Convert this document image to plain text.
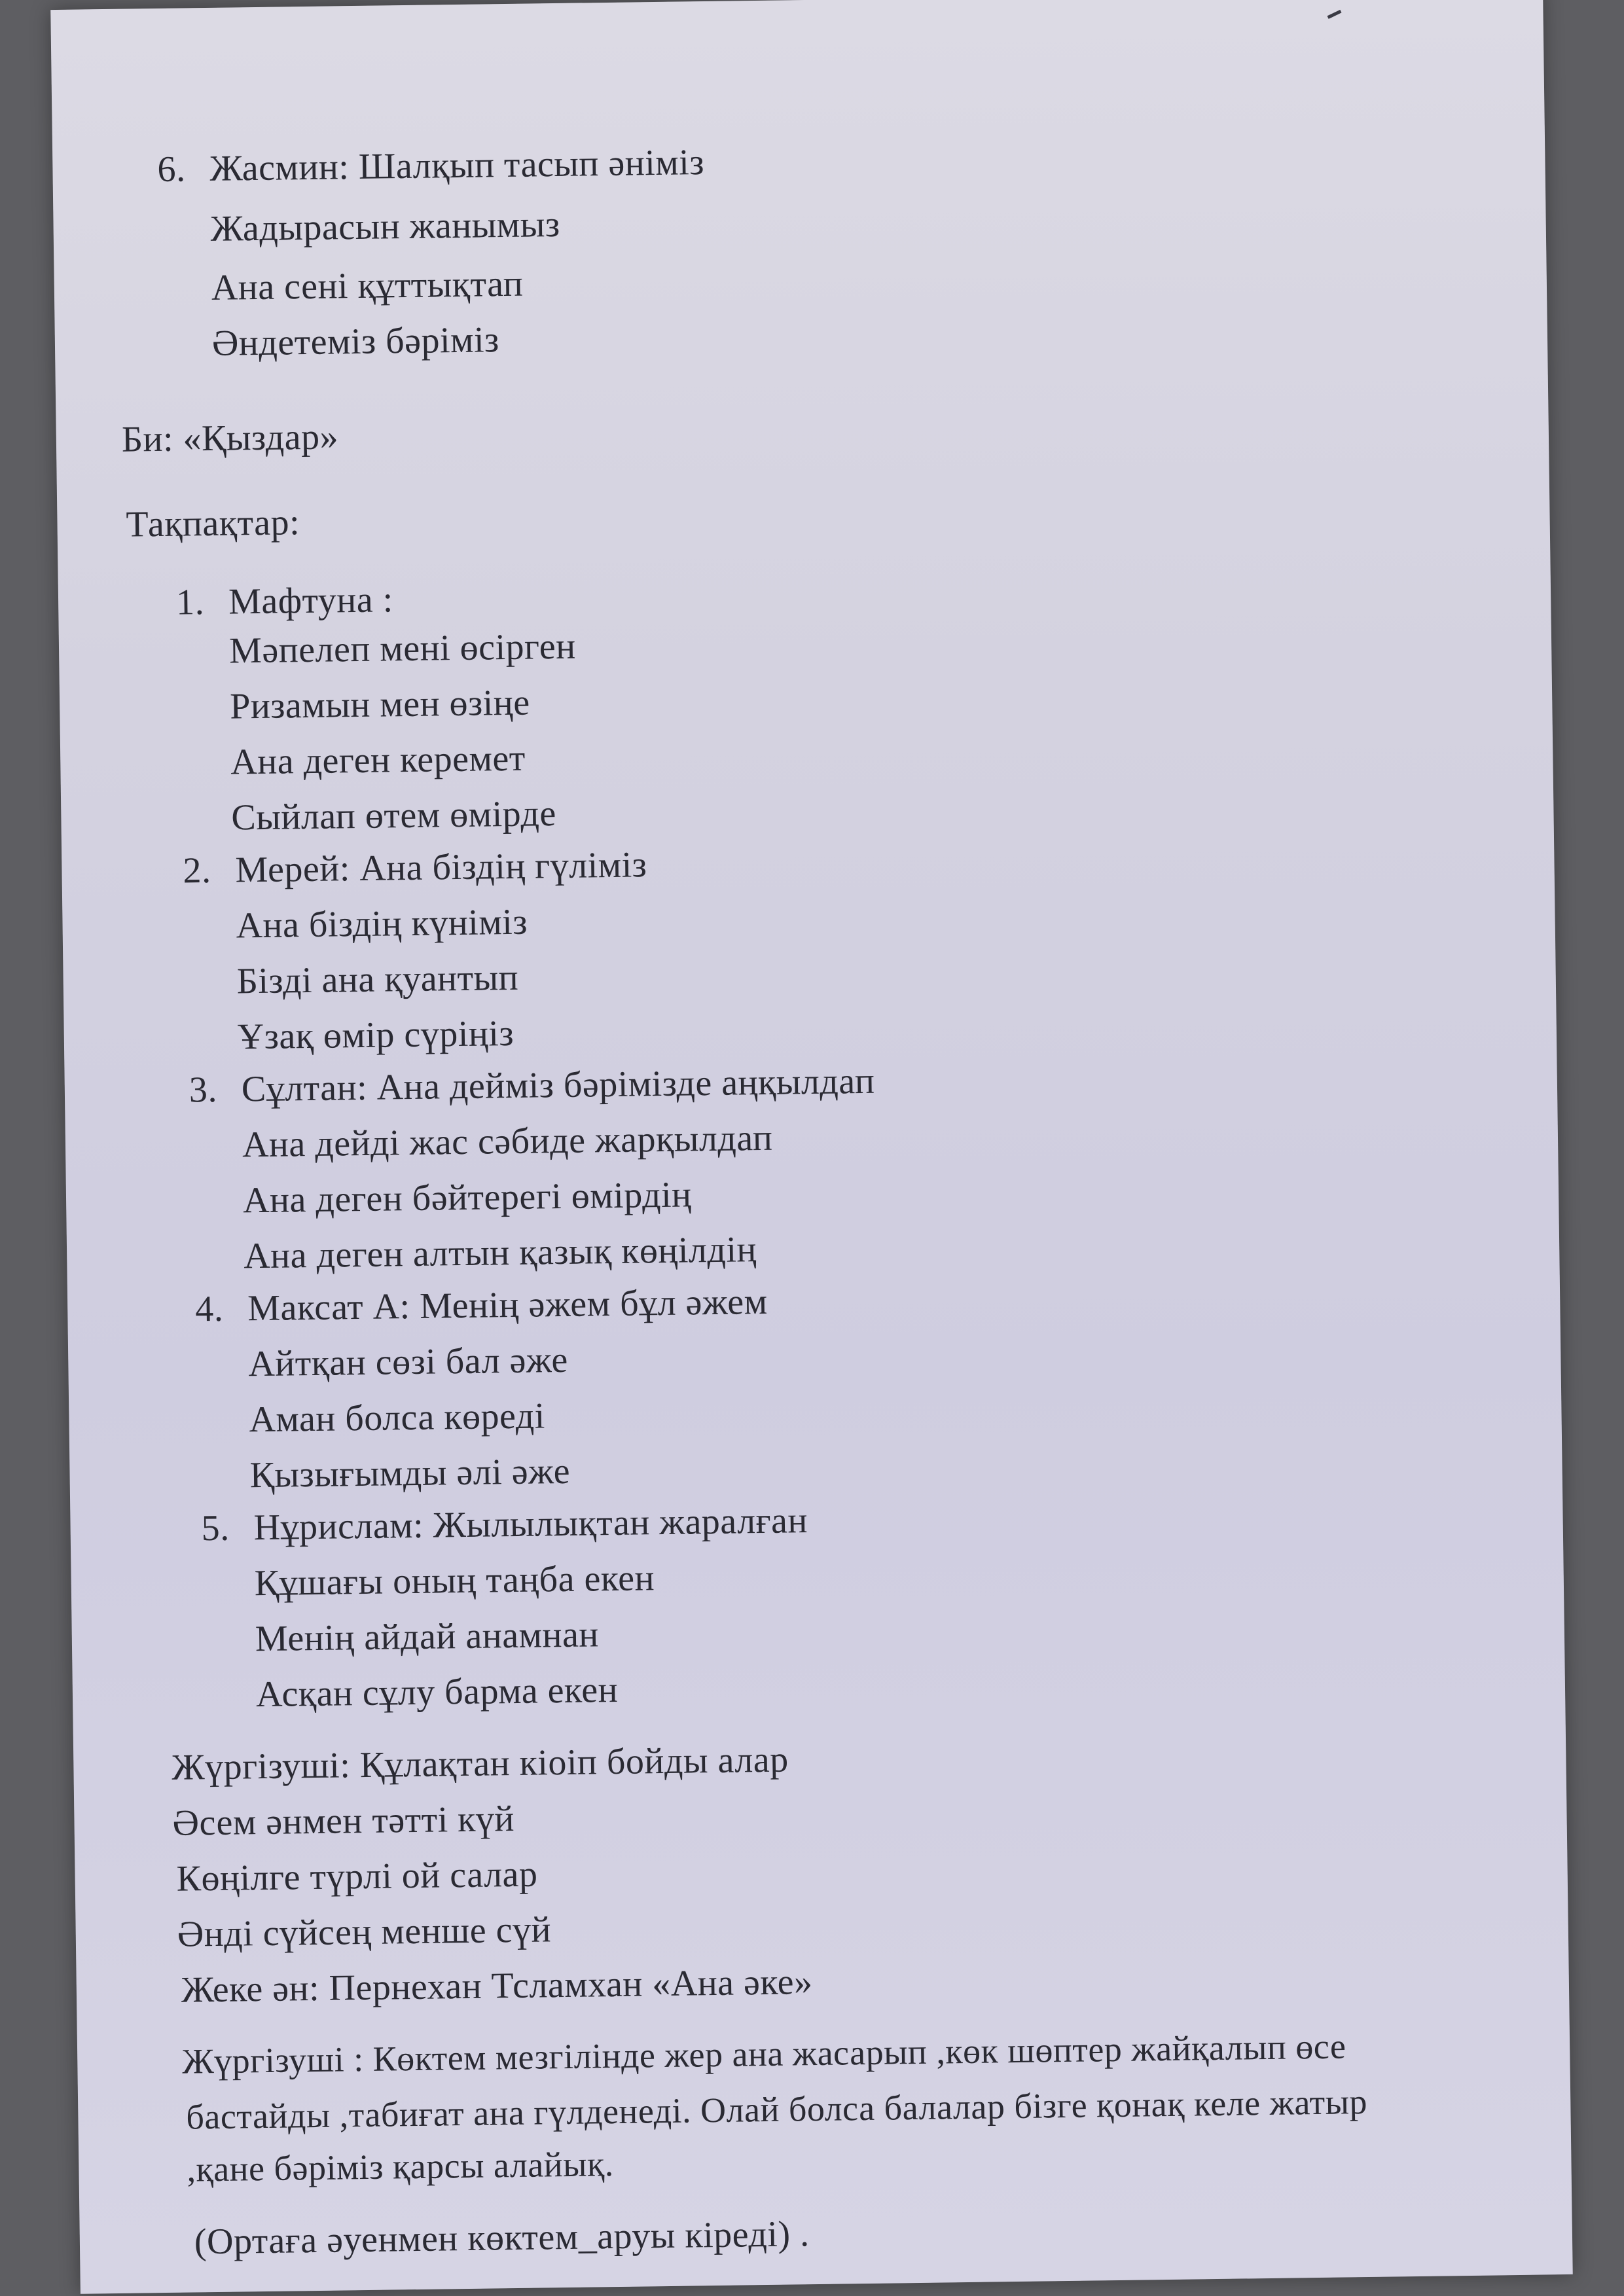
6. Жасмин: Шалқып тасып әніміз
Жадырасын жанымыз
Ана сені құттықтап
Әндетеміз бәріміз
Би: «Қыздар»
Тақпақтар:
1. Мафтуна :
Мәпелеп мені өсірген
Ризамын мен өзіңе
Ана деген керемет
Сыйлап өтем өмірде
2. Мерей: Ана біздің гүліміз
Ана біздің күніміз
Бізді ана қуантып
Ұзақ өмір сүріңіз
3. Сұлтан: Ана дейміз бәрімізде аңқылдап
Ана дейді жас сәбиде жарқылдап
Ана деген бәйтерегі өмірдің
Ана деген алтын қазық көңілдің
4. Максат А: Менің әжем бұл әжем
Айтқан сөзі бал әже
Аман болса көреді
Қызығымды әлі әже
5. Нұрислам: Жылылықтан жаралған
Құшағы оның таңба екен
Менің айдай анамнан
Асқан сұлу барма екен
Жүргізуші: Құлақтан кіоіп бойды алар
Әсем әнмен тәтті күй
Көңілге түрлі ой салар
Әнді сүйсең менше сүй
Жеке ән: Пернехан Тсламхан «Ана әке»
Жүргізуші : Көктем мезгілінде жер ана жасарып ,көк шөптер жайқалып өсе
бастайды ,табиғат ана гүлденеді. Олай болса балалар бізге қонақ келе жатыр
,қане бәріміз қарсы алайық.
(Ортаға әуенмен көктем_аруы кіреді) .
